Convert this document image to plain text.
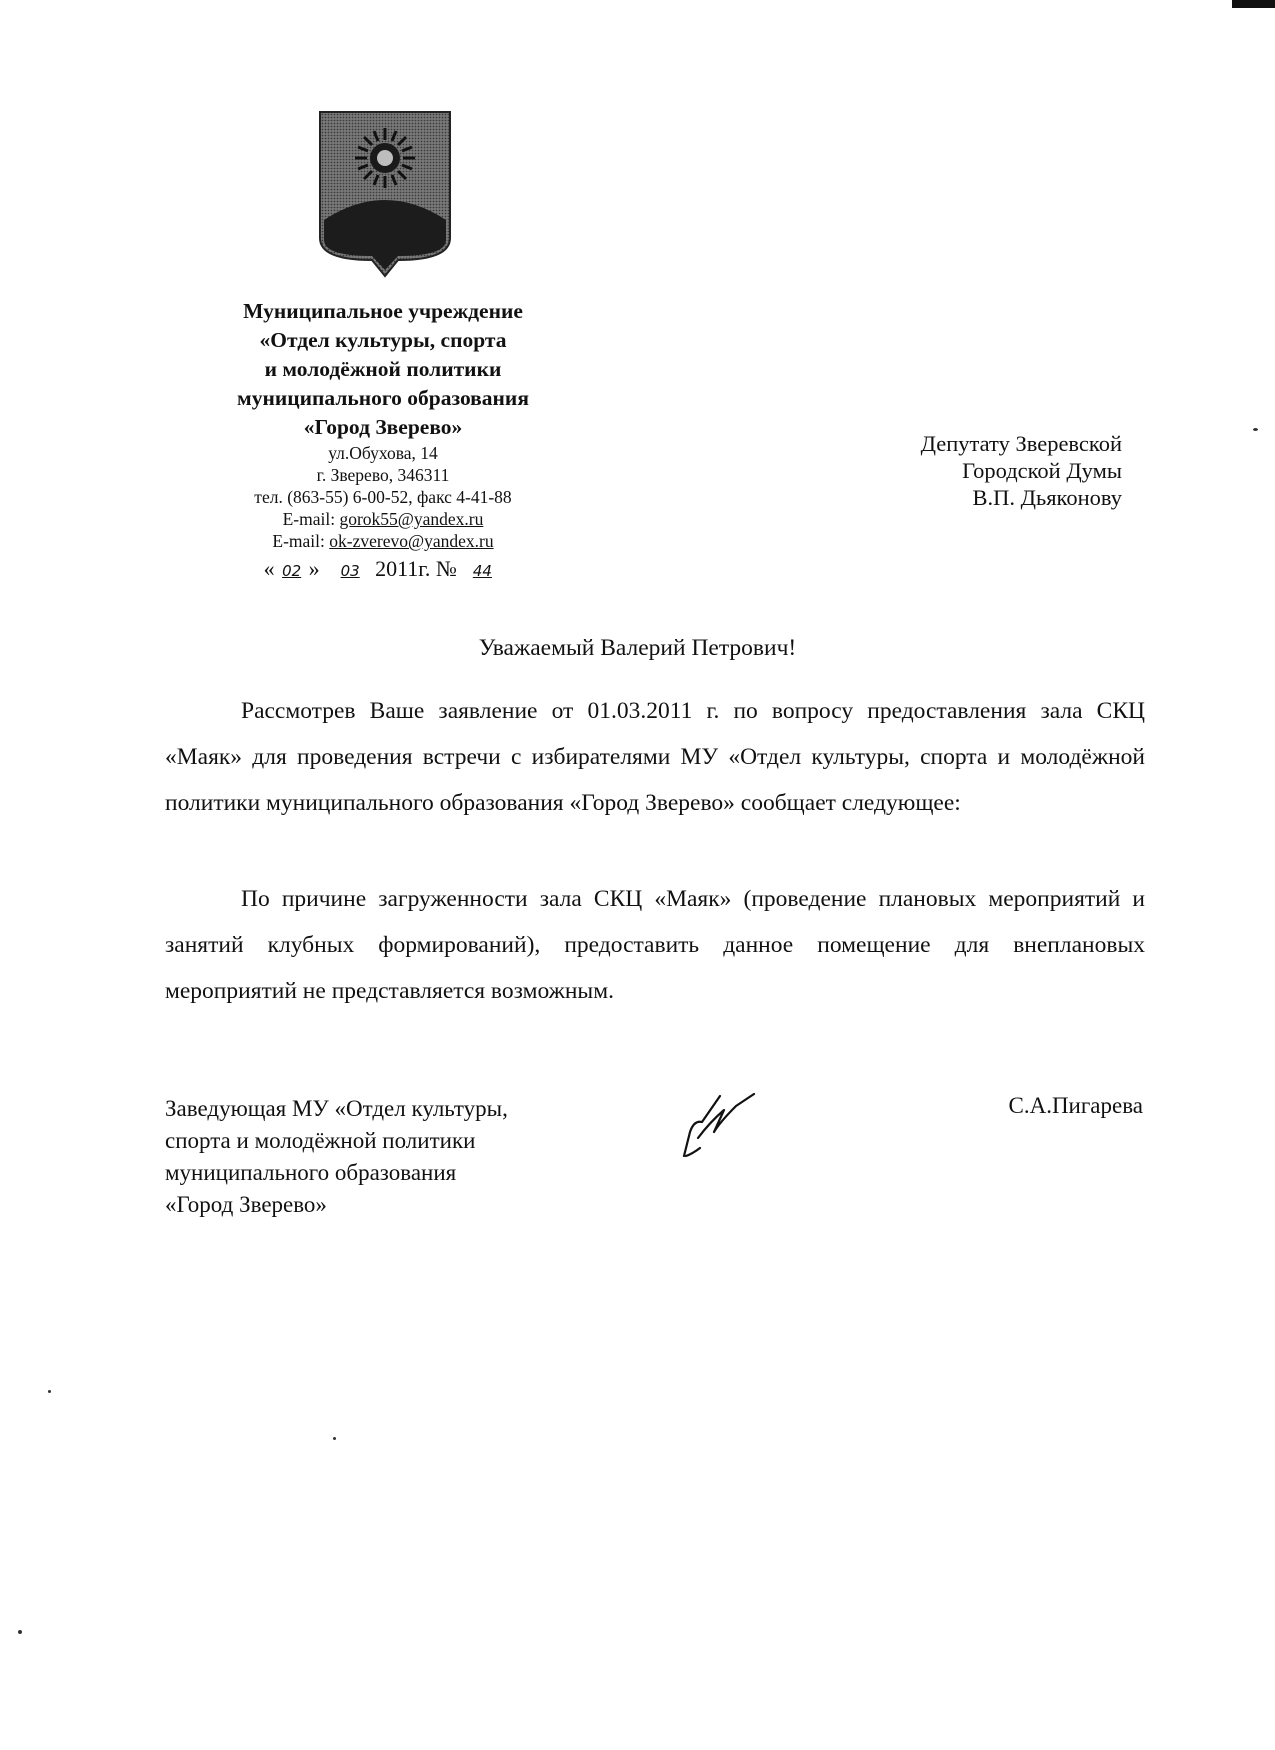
Муниципальное учреждение
«Отдел культуры, спорта
и молодёжной политики
муниципального образования
«Город Зверево»
ул.Обухова, 14
г. Зверево, 346311
тел. (863-55) 6-00-52, факс 4-41-88
E-mail: gorok55@yandex.ru
E-mail: ok-zverevo@yandex.ru
« 02 » 03 2011г. № 44
Депутату Зверевской
Городской Думы
В.П. Дьяконову
Уважаемый Валерий Петрович!
Рассмотрев Ваше заявление от 01.03.2011 г. по вопросу предоставления зала СКЦ «Маяк» для проведения встречи с избирателями МУ «Отдел культуры, спорта и молодёжной политики муниципального образования «Город Зверево» сообщает следующее:
По причине загруженности зала СКЦ «Маяк» (проведение плановых мероприятий и занятий клубных формирований), предоставить данное помещение для внеплановых мероприятий не представляется возможным.
Заведующая МУ «Отдел культуры,
спорта и молодёжной политики
муниципального образования
«Город Зверево»
С.А.Пигарева
